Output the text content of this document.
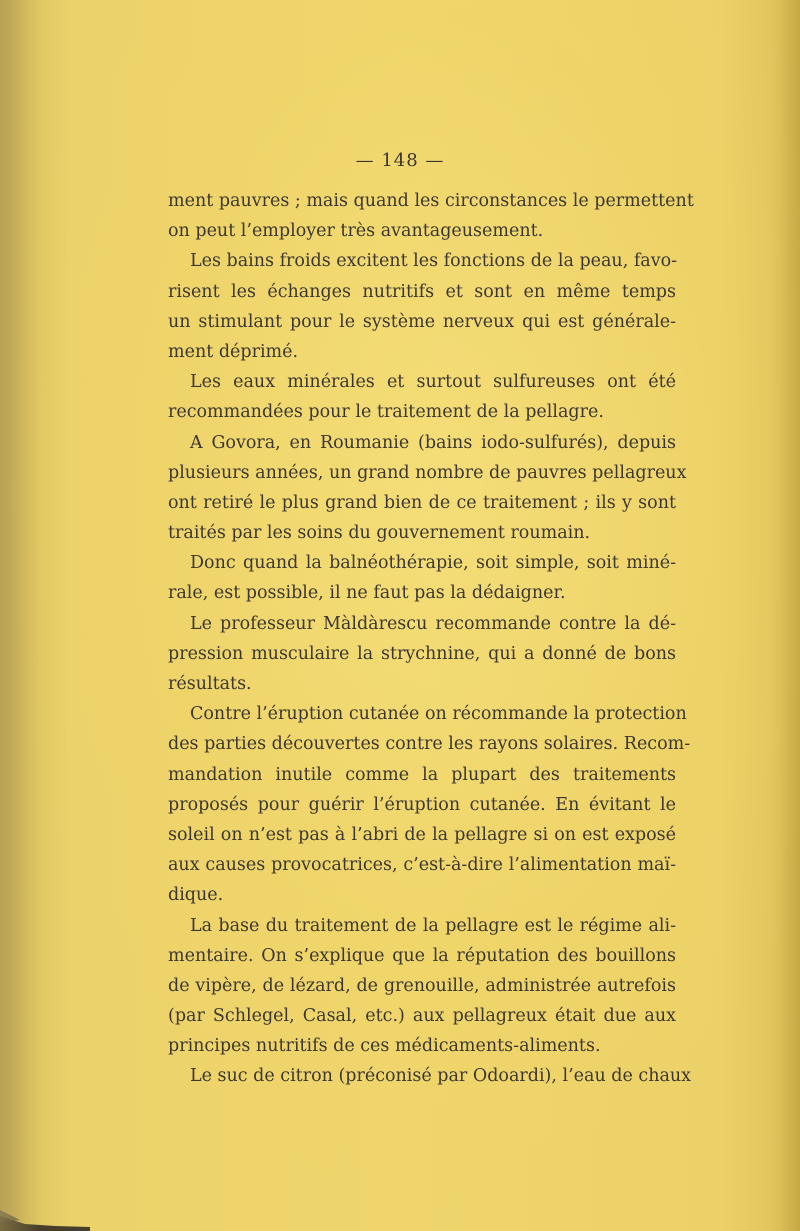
— 148 —
ment pauvres ; mais quand les circonstances le permettent
on peut l’employer très avantageusement.
Les bains froids excitent les fonctions de la peau, favo-
risent les échanges nutritifs et sont en même temps
un stimulant pour le système nerveux qui est générale-
ment déprimé.
Les eaux minérales et surtout sulfureuses ont été
recommandées pour le traitement de la pellagre.
A Govora, en Roumanie (bains iodo-sulfurés), depuis
plusieurs années, un grand nombre de pauvres pellagreux
ont retiré le plus grand bien de ce traitement ; ils y sont
traités par les soins du gouvernement roumain.
Donc quand la balnéothérapie, soit simple, soit miné-
rale, est possible, il ne faut pas la dédaigner.
Le professeur Màldàrescu recommande contre la dé-
pression musculaire la strychnine, qui a donné de bons
résultats.
Contre l’éruption cutanée on récommande la protection
des parties découvertes contre les rayons solaires. Recom-
mandation inutile comme la plupart des traitements
proposés pour guérir l’éruption cutanée. En évitant le
soleil on n’est pas à l’abri de la pellagre si on est exposé
aux causes provocatrices, c’est-à-dire l’alimentation maï-
dique.
La base du traitement de la pellagre est le régime ali-
mentaire. On s’explique que la réputation des bouillons
de vipère, de lézard, de grenouille, administrée autrefois
(par Schlegel, Casal, etc.) aux pellagreux était due aux
principes nutritifs de ces médicaments-aliments.
Le suc de citron (préconisé par Odoardi), l’eau de chaux
